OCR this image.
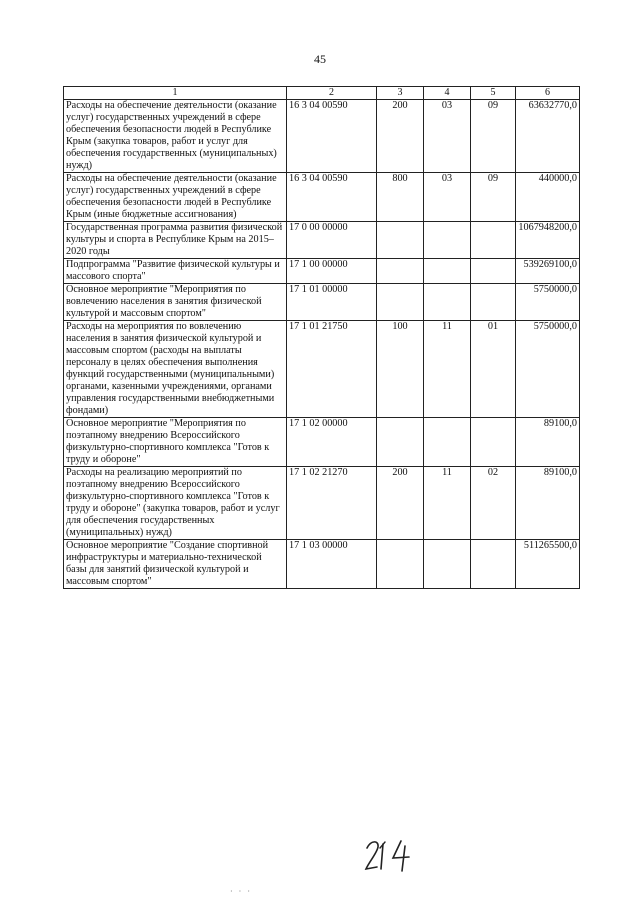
45
1	2	3	4	5	6
Расходы на обеспечение деятельности (оказание услуг) государственных учреждений в сфере обеспечения безопасности людей в Республике Крым (закупка товаров, работ и услуг для обеспечения государственных (муниципальных) нужд)	16 3 04 00590	200	03	09	63632770,0
Расходы на обеспечение деятельности (оказание услуг) государственных учреждений в сфере обеспечения безопасности людей в Республике Крым (иные бюджетные ассигнования)	16 3 04 00590	800	03	09	440000,0
Государственная программа развития физической культуры и спорта в Республике Крым на 2015–2020 годы	17 0 00 00000				1067948200,0
Подпрограмма "Развитие физической культуры и массового спорта"	17 1 00 00000				539269100,0
Основное мероприятие "Мероприятия по вовлечению населения в занятия физической культурой и массовым спортом"	17 1 01 00000				5750000,0
Расходы на мероприятия по вовлечению населения в занятия физической культурой и массовым спортом (расходы на выплаты персоналу в целях обеспечения выполнения функций государственными (муниципальными) органами, казенными учреждениями, органами управления государственными внебюджетными фондами)	17 1 01 21750	100	11	01	5750000,0
Основное мероприятие "Мероприятия по поэтапному внедрению Всероссийского физкультурно-спортивного комплекса "Готов к труду и обороне"	17 1 02 00000				89100,0
Расходы на реализацию мероприятий по поэтапному внедрению Всероссийского физкультурно-спортивного комплекса "Готов к труду и обороне" (закупка товаров, работ и услуг для обеспечения государственных (муниципальных) нужд)	17 1 02 21270	200	11	02	89100,0
Основное мероприятие "Создание спортивной инфраструктуры и материально-технической базы для занятий физической культурой и массовым спортом"	17 1 03 00000				511265500,0
· · ·
